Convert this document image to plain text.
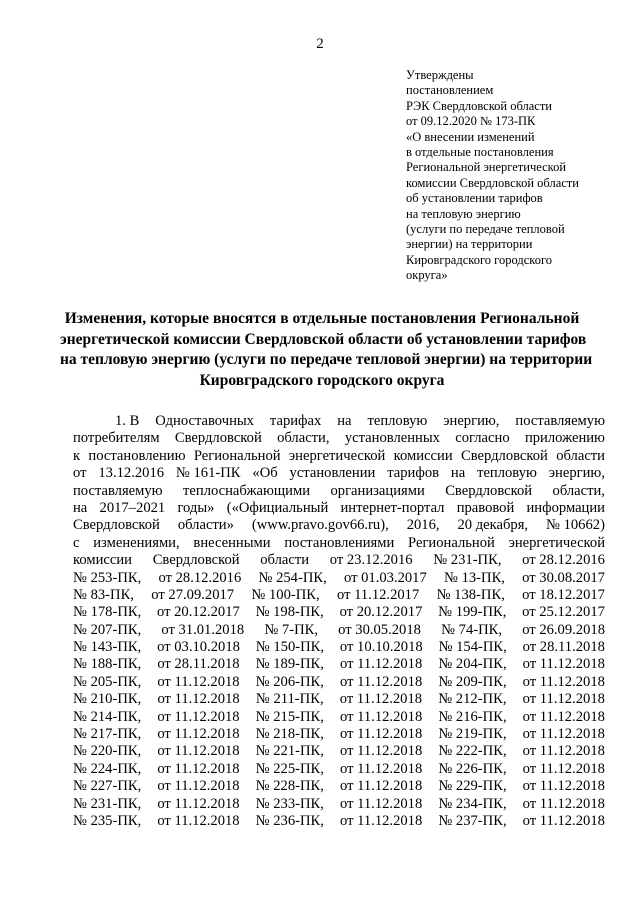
2
Утверждены
постановлением
РЭК Свердловской области
от 09.12.2020 № 173-ПК
«О внесении изменений
в отдельные постановления
Региональной энергетической
комиссии Свердловской области
об установлении тарифов
на тепловую энергию
(услуги по передаче тепловой
энергии) на территории
Кировградского городского
округа»
Изменения, которые вносятся в отдельные постановления Региональной
энергетической комиссии Свердловской области об установлении тарифов
на тепловую энергию (услуги по передаче тепловой энергии) на территории
Кировградского городского округа
1. В Одноставочных тарифах на тепловую энергию, поставляемую
потребителям Свердловской области, установленных согласно приложению
к постановлению Региональной энергетической комиссии Свердловской области
от 13.12.2016 № 161-ПК «Об установлении тарифов на тепловую энергию,
поставляемую теплоснабжающими организациями Свердловской области,
на 2017–2021 годы» («Официальный интернет-портал правовой информации
Свердловской области» (www.pravo.gov66.ru), 2016, 20 декабря, № 10662)
с изменениями, внесенными постановлениями Региональной энергетической
комиссии Свердловской области от 23.12.2016 № 231-ПК, от 28.12.2016
№ 253-ПК, от 28.12.2016 № 254-ПК, от 01.03.2017 № 13-ПК, от 30.08.2017
№ 83-ПК, от 27.09.2017 № 100-ПК, от 11.12.2017 № 138-ПК, от 18.12.2017
№ 178-ПК, от 20.12.2017 № 198-ПК, от 20.12.2017 № 199-ПК, от 25.12.2017
№ 207-ПК, от 31.01.2018 № 7-ПК, от 30.05.2018 № 74-ПК, от 26.09.2018
№ 143-ПК, от 03.10.2018 № 150-ПК, от 10.10.2018 № 154-ПК, от 28.11.2018
№ 188-ПК, от 28.11.2018 № 189-ПК, от 11.12.2018 № 204-ПК, от 11.12.2018
№ 205-ПК, от 11.12.2018 № 206-ПК, от 11.12.2018 № 209-ПК, от 11.12.2018
№ 210-ПК, от 11.12.2018 № 211-ПК, от 11.12.2018 № 212-ПК, от 11.12.2018
№ 214-ПК, от 11.12.2018 № 215-ПК, от 11.12.2018 № 216-ПК, от 11.12.2018
№ 217-ПК, от 11.12.2018 № 218-ПК, от 11.12.2018 № 219-ПК, от 11.12.2018
№ 220-ПК, от 11.12.2018 № 221-ПК, от 11.12.2018 № 222-ПК, от 11.12.2018
№ 224-ПК, от 11.12.2018 № 225-ПК, от 11.12.2018 № 226-ПК, от 11.12.2018
№ 227-ПК, от 11.12.2018 № 228-ПК, от 11.12.2018 № 229-ПК, от 11.12.2018
№ 231-ПК, от 11.12.2018 № 233-ПК, от 11.12.2018 № 234-ПК, от 11.12.2018
№ 235-ПК, от 11.12.2018 № 236-ПК, от 11.12.2018 № 237-ПК, от 11.12.2018
